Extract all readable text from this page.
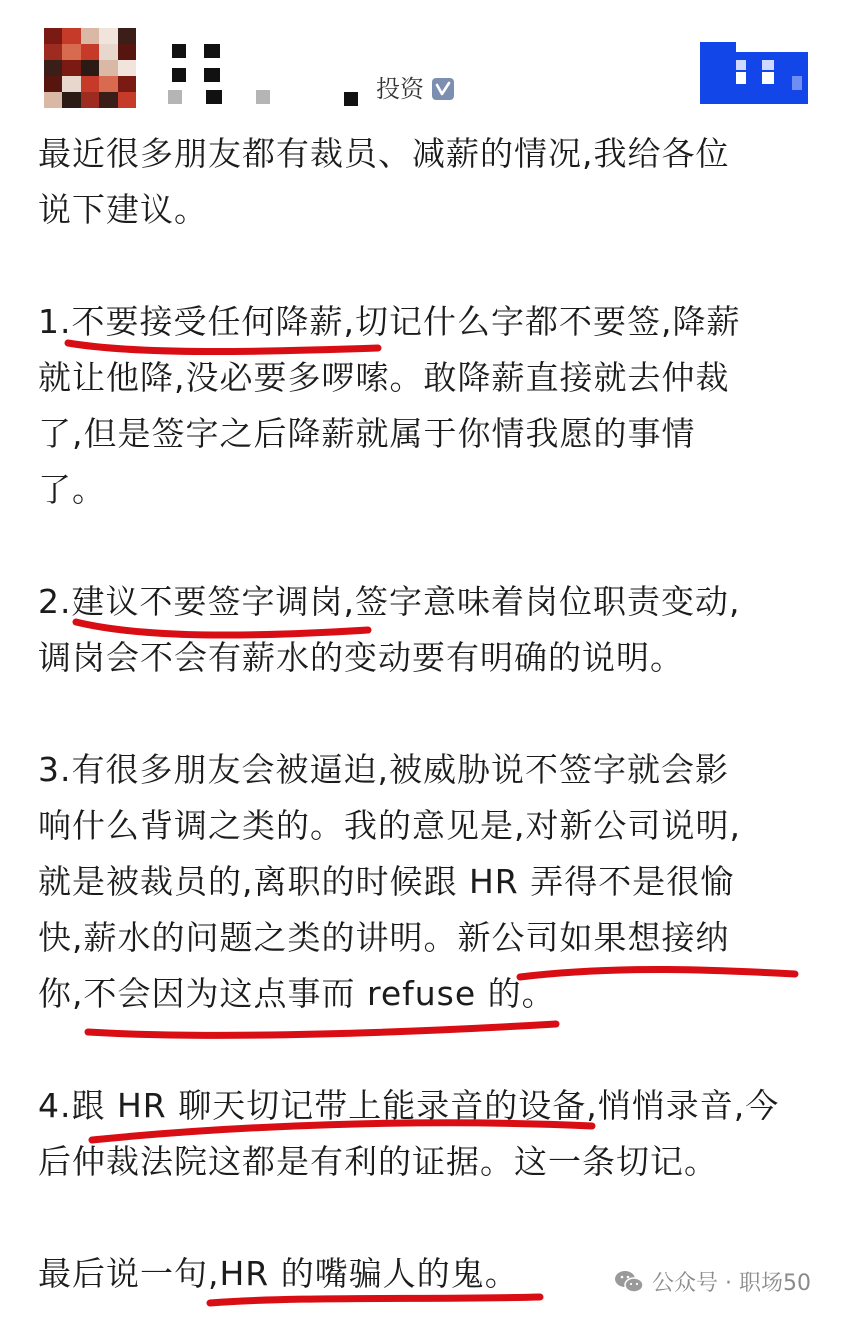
投资
最近很多朋友都有裁员、减薪的情况,我给各位
说下建议。
1.不要接受任何降薪,切记什么字都不要签,降薪
就让他降,没必要多啰嗦。敢降薪直接就去仲裁
了,但是签字之后降薪就属于你情我愿的事情
了。
2.建议不要签字调岗,签字意味着岗位职责变动,
调岗会不会有薪水的变动要有明确的说明。
3.有很多朋友会被逼迫,被威胁说不签字就会影
响什么背调之类的。我的意见是,对新公司说明,
就是被裁员的,离职的时候跟 HR 弄得不是很愉
快,薪水的问题之类的讲明。新公司如果想接纳
你,不会因为这点事而 refuse 的。
4.跟 HR 聊天切记带上能录音的设备,悄悄录音,今
后仲裁法院这都是有利的证据。这一条切记。
最后说一句,HR 的嘴骗人的鬼。	公众号 · 职场50
